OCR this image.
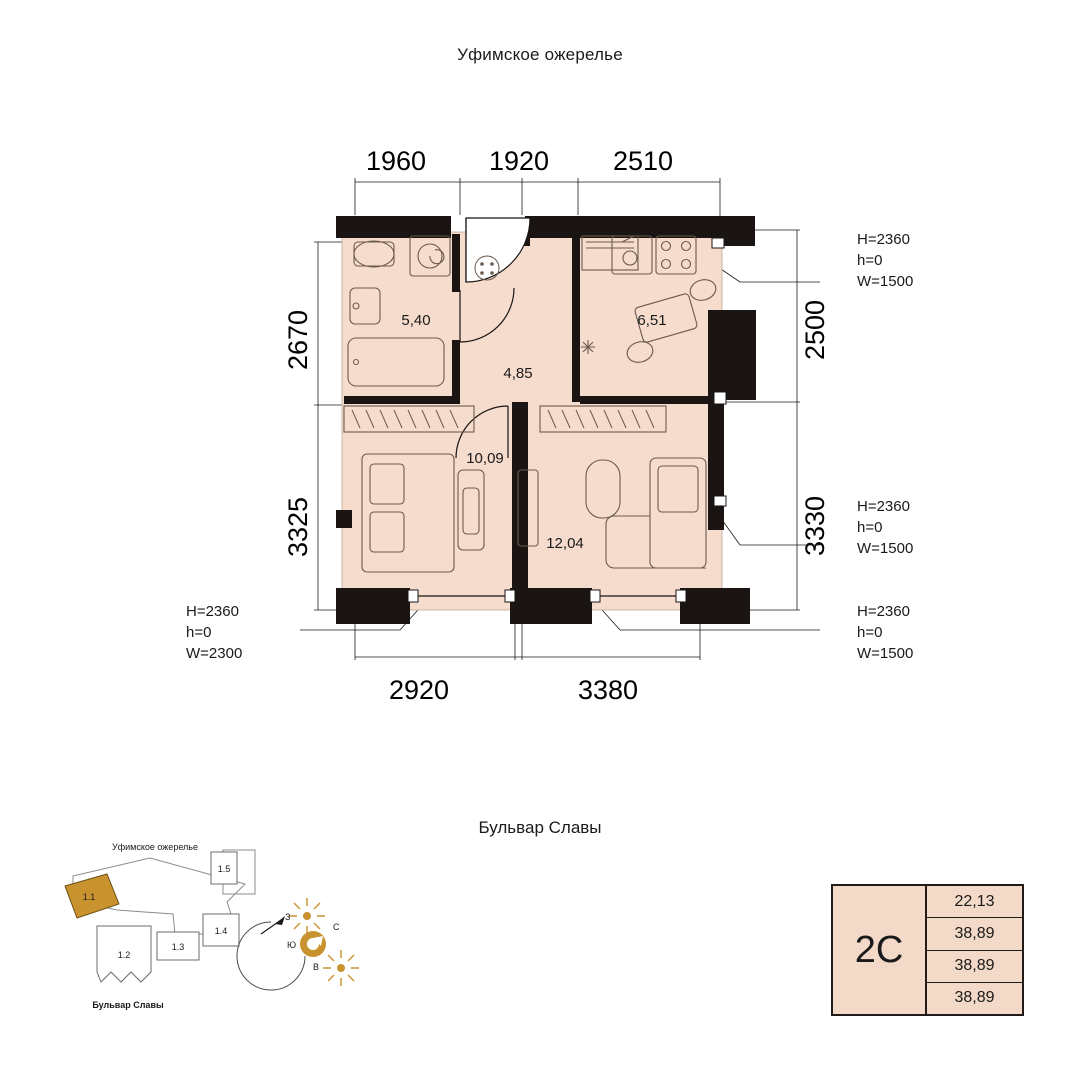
Уфимское ожерелье
1960 1920 2510
2920	3380
2670
3325
2500
3330
H=2360
h=0
W=1500
H=2360
h=0
W=1500
H=2360
h=0
W=2300
H=2360
h=0
W=1500
5,40	6,51
4,85
10,09
12,04
Бульвар Славы
1.1
1.2
1.3
1.4
1.5
Уфимское ожерелье
Бульвар Славы
С
З
Ю
В	2С
22,13
38,89
38,89
38,89
